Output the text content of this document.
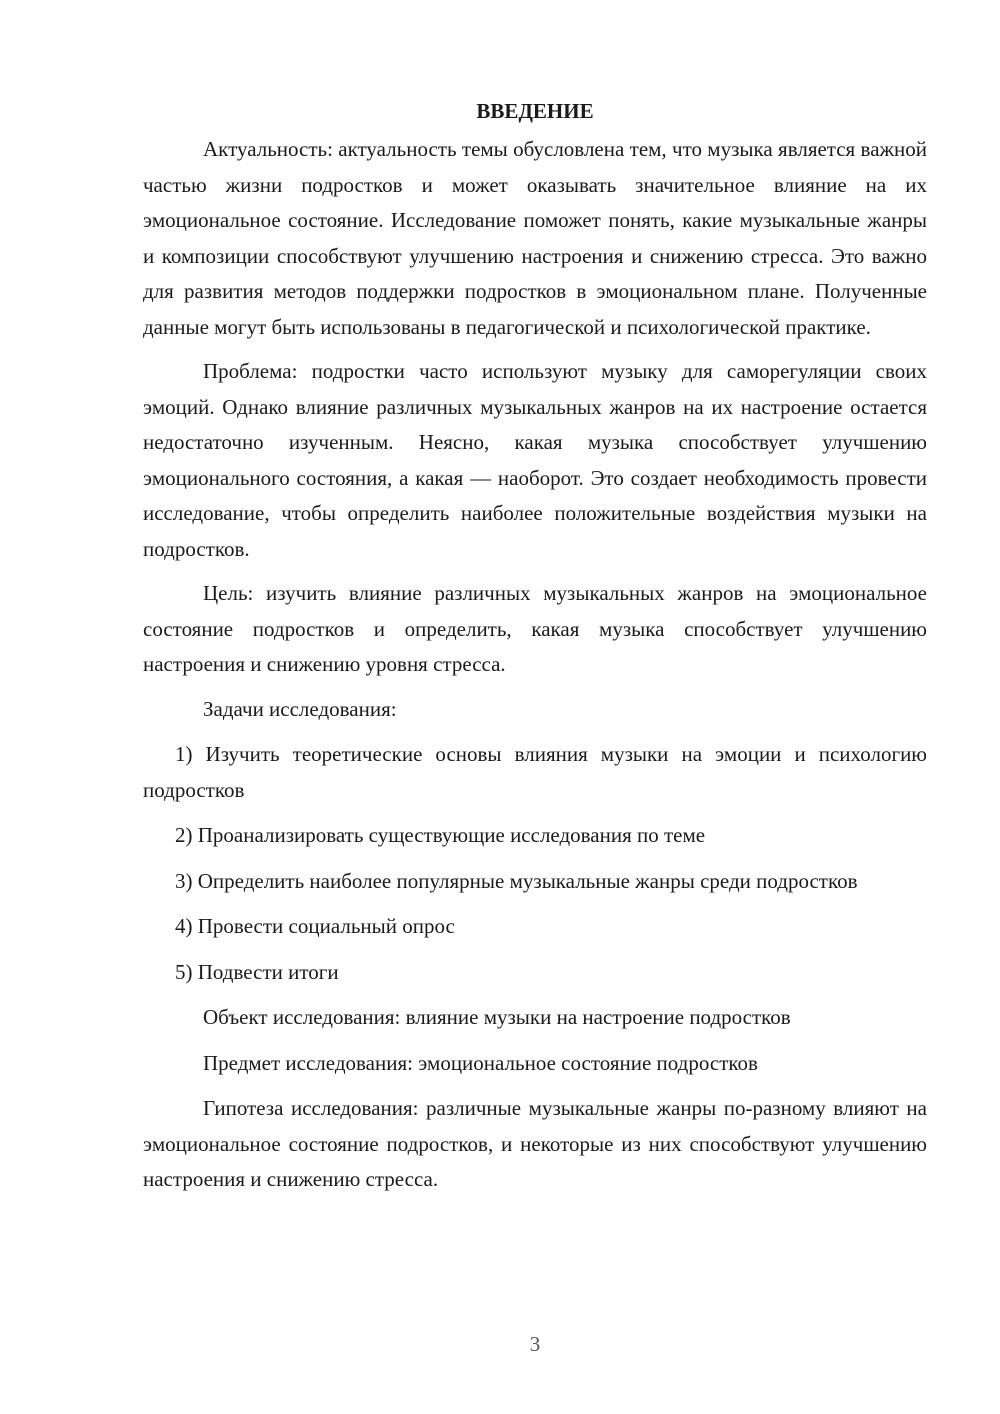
ВВЕДЕНИЕ

Актуальность: актуальность темы обусловлена тем, что музыка является важной частью жизни подростков и может оказывать значительное влияние на их эмоциональное состояние. Исследование поможет понять, какие музыкальные жанры и композиции способствуют улучшению настроения и снижению стресса. Это важно для развития методов поддержки подростков в эмоциональном плане. Полученные данные могут быть использованы в педагогической и психологической практике.

Проблема: подростки часто используют музыку для саморегуляции своих эмоций. Однако влияние различных музыкальных жанров на их настроение остается недостаточно изученным. Неясно, какая музыка способствует улучшению эмоционального состояния, а какая — наоборот. Это создает необходимость провести исследование, чтобы определить наиболее положительные воздействия музыки на подростков.

Цель: изучить влияние различных музыкальных жанров на эмоциональное состояние подростков и определить, какая музыка способствует улучшению настроения и снижению уровня стресса.

Задачи исследования:

1) Изучить теоретические основы влияния музыки на эмоции и психологию подростков

2) Проанализировать существующие исследования по теме

3) Определить наиболее популярные музыкальные жанры среди подростков

4) Провести социальный опрос

5) Подвести итоги

Объект исследования: влияние музыки на настроение подростков

Предмет исследования: эмоциональное состояние подростков

Гипотеза исследования: различные музыкальные жанры по-разному влияют на эмоциональное состояние подростков, и некоторые из них способствуют улучшению настроения и снижению стресса.

3
